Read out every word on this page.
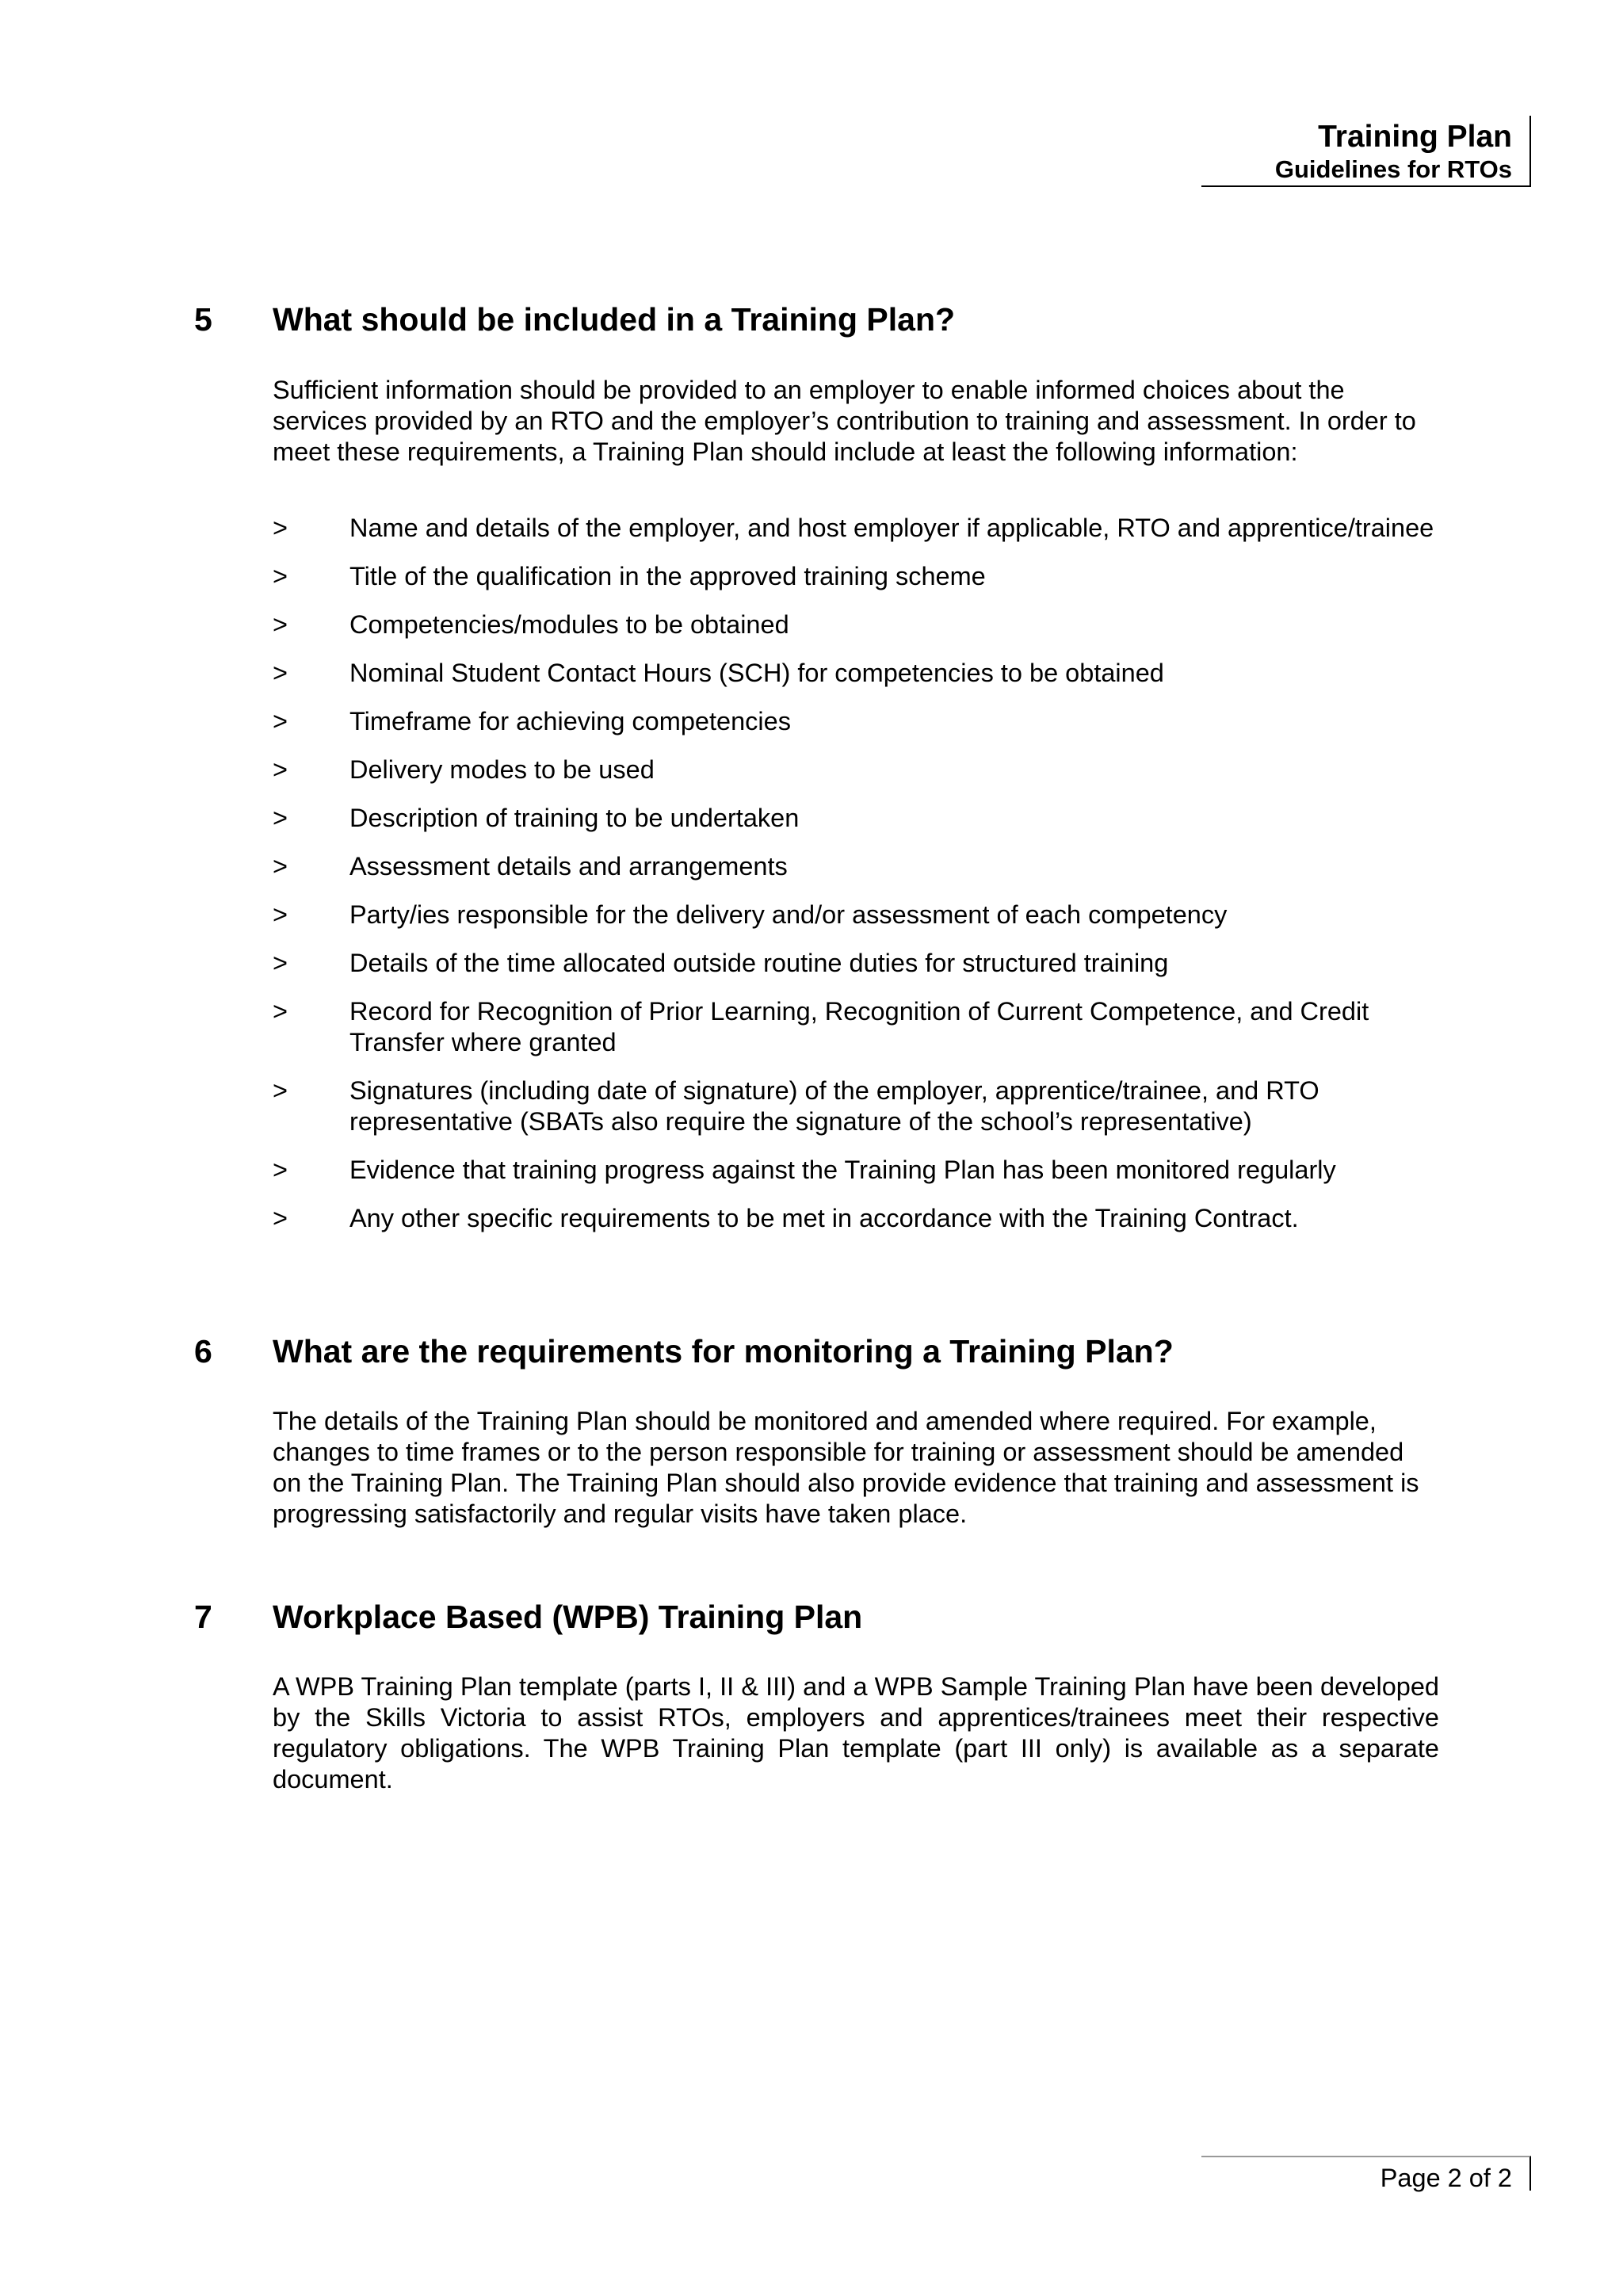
Training Plan
Guidelines for RTOs
5 What should be included in a Training Plan?
Sufficient information should be provided to an employer to enable informed choices about the services provided by an RTO and the employer’s contribution to training and assessment. In order to meet these requirements, a Training Plan should include at least the following information:
> Name and details of the employer, and host employer if applicable, RTO and apprentice/trainee
> Title of the qualification in the approved training scheme
> Competencies/modules to be obtained
> Nominal Student Contact Hours (SCH) for competencies to be obtained
> Timeframe for achieving competencies
> Delivery modes to be used
> Description of training to be undertaken
> Assessment details and arrangements
> Party/ies responsible for the delivery and/or assessment of each competency
> Details of the time allocated outside routine duties for structured training
> Record for Recognition of Prior Learning, Recognition of Current Competence, and Credit Transfer where granted
> Signatures (including date of signature) of the employer, apprentice/trainee, and RTO representative (SBATs also require the signature of the school’s representative)
> Evidence that training progress against the Training Plan has been monitored regularly
> Any other specific requirements to be met in accordance with the Training Contract.
6 What are the requirements for monitoring a Training Plan?
The details of the Training Plan should be monitored and amended where required. For example, changes to time frames or to the person responsible for training or assessment should be amended on the Training Plan. The Training Plan should also provide evidence that training and assessment is progressing satisfactorily and regular visits have taken place.
7 Workplace Based (WPB) Training Plan
A WPB Training Plan template (parts I, II & III) and a WPB Sample Training Plan have been developed by the Skills Victoria to assist RTOs, employers and apprentices/trainees meet their respective regulatory obligations. The WPB Training Plan template (part III only) is available as a separate document.
Page 2 of 2
